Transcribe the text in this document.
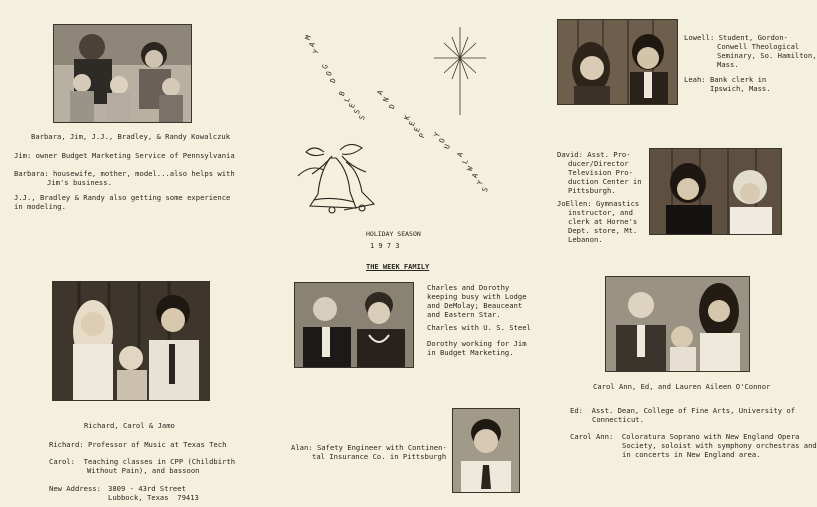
M
A
Y
G
O
D
B
L
E
S
S
A
N
D
K
E
E
P Y
O
U
A
L
W
A
Y
S
HOLIDAY SEASON
1 9 7 3
THE WEEK FAMILY
Barbara, Jim, J.J., Bradley, & Randy Kowalczuk
Jim: owner Budget Marketing Service of Pennsylvania
Barbara: housewife, mother, model...also helps with
Jim's business.
J.J., Bradley & Randy also getting some experience
in modeling.
Lowell: Student, Gordon-
Conwell Theological
Seminary, So. Hamilton,
Mass.
Leah: Bank clerk in
Ipswich, Mass.
David: Asst. Pro-
ducer/Director
Television Pro-
duction Center in
Pittsburgh.
JoEllen: Gymnastics
instructor, and
clerk at Horne's
Dept. store, Mt.
Lebanon.
Charles and Dorothy
keeping busy with Lodge
and DeMolay; Beauceant
and Eastern Star.
Charles with U. S. Steel
Dorothy working for Jim
in Budget Marketing.
Richard, Carol & Jamo
Richard: Professor of Music at Texas Tech
Carol:  Teaching classes in CPP (Childbirth
Without Pain), and bassoon
New Address: 3809 - 43rd Street
Lubbock, Texas  79413
Alan: Safety Engineer with Continen-
tal Insurance Co. in Pittsburgh
Carol Ann, Ed, and Lauren Aileen O'Connor
Ed:  Asst. Dean, College of Fine Arts, University of
Connecticut.
Carol Ann:  Coloratura Soprano with New England Opera
Society, soloist with symphony orchestras and
in concerts in New England area.
